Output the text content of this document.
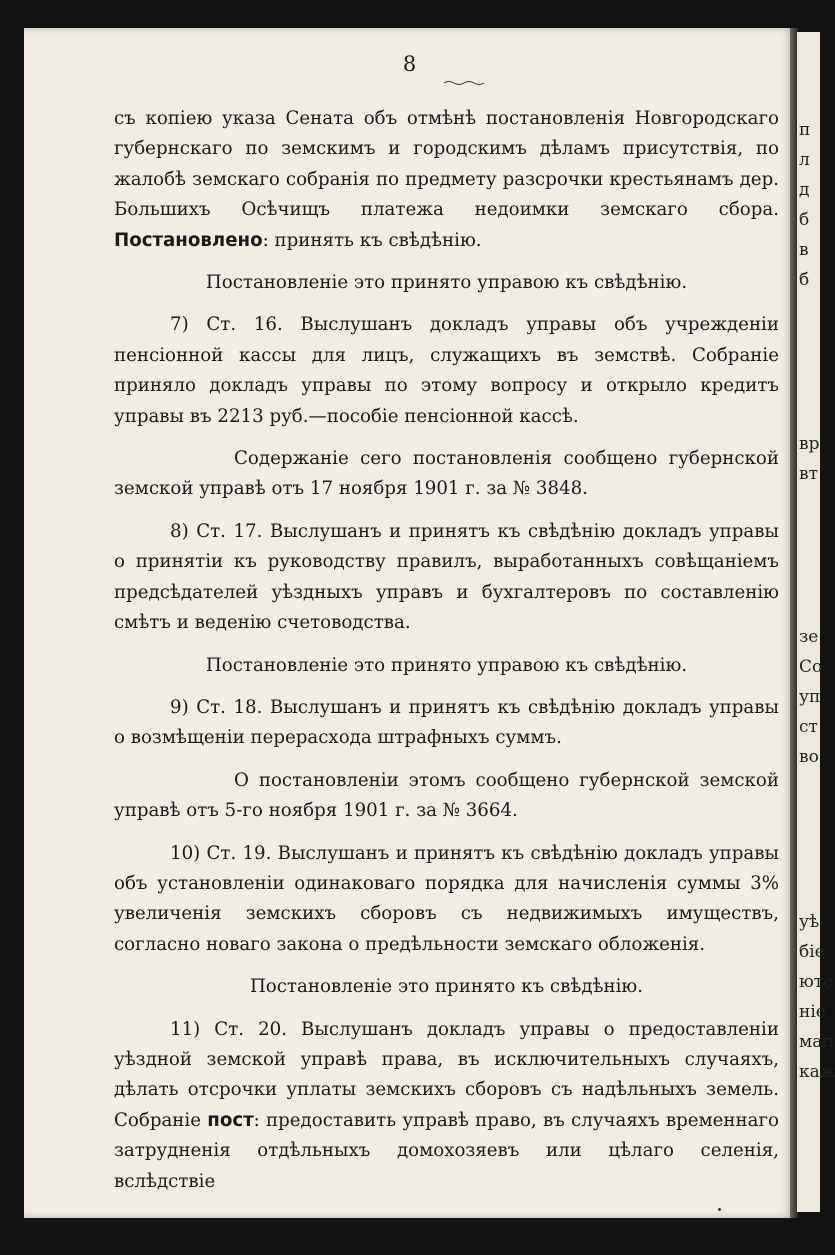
8

съ копiею указа Сената объ отмѣнѣ постановленiя Новгородскаго губернскаго по земскимъ и городскимъ дѣламъ присутствiя, по жалобѣ земскаго собранiя по предмету разсрочки крестьянамъ дер. Большихъ Осѣчищъ платежа недоимки земскаго сбора. Постановлено: принять къ свѣдѣнiю.

Постановленiе это принято управою къ свѣдѣнiю.

7) Ст. 16. Выслушанъ докладъ управы объ учрежденiи пенсiонной кассы для лицъ, служащихъ въ земствѣ. Собранiе приняло докладъ управы по этому вопросу и открыло кредитъ управы въ 2213 руб.—пособiе пенсiонной кассѣ.

Содержанiе сего постановленiя сообщено губернской земской управѣ отъ 17 ноября 1901 г. за № 3848.

8) Ст. 17. Выслушанъ и принятъ къ свѣдѣнiю докладъ управы о принятiи къ руководству правилъ, выработанныхъ совѣщанiемъ предсѣдателей уѣздныхъ управъ и бухгалтеровъ по составленiю смѣтъ и веденiю счетоводства.

Постановленiе это принято управою къ свѣдѣнiю.

9) Ст. 18. Выслушанъ и принятъ къ свѣдѣнiю докладъ управы о возмѣщенiи перерасхода штрафныхъ суммъ.

О постановленiи этомъ сообщено губернской земской управѣ отъ 5-го ноября 1901 г. за № 3664.

10) Ст. 19. Выслушанъ и принятъ къ свѣдѣнiю докладъ управы объ установленiи одинаковаго порядка для начисленiя суммы 3% увеличенiя земскихъ сборовъ съ недвижимыхъ имуществъ, согласно новаго закона о предѣльности земскаго обложенiя.

Постановленiе это принято къ свѣдѣнiю.

11) Ст. 20. Выслушанъ докладъ управы о предоставленiи уѣздной земской управѣ права, въ исключительныхъ случаяхъ, дѣлать отсрочки уплаты земскихъ сборовъ съ надѣльныхъ земель. Собранiе пост: предоставить управѣ право, въ случаяхъ временнаго затрудненiя отдѣльныхъ домохозяевъ или цѣлаго селенiя, вслѣдствiе

п
л
д
б
в
б
вр
вт
зе
Со
уп
ст
во
уѣ
бiе
юте
нiе
мап
каж
